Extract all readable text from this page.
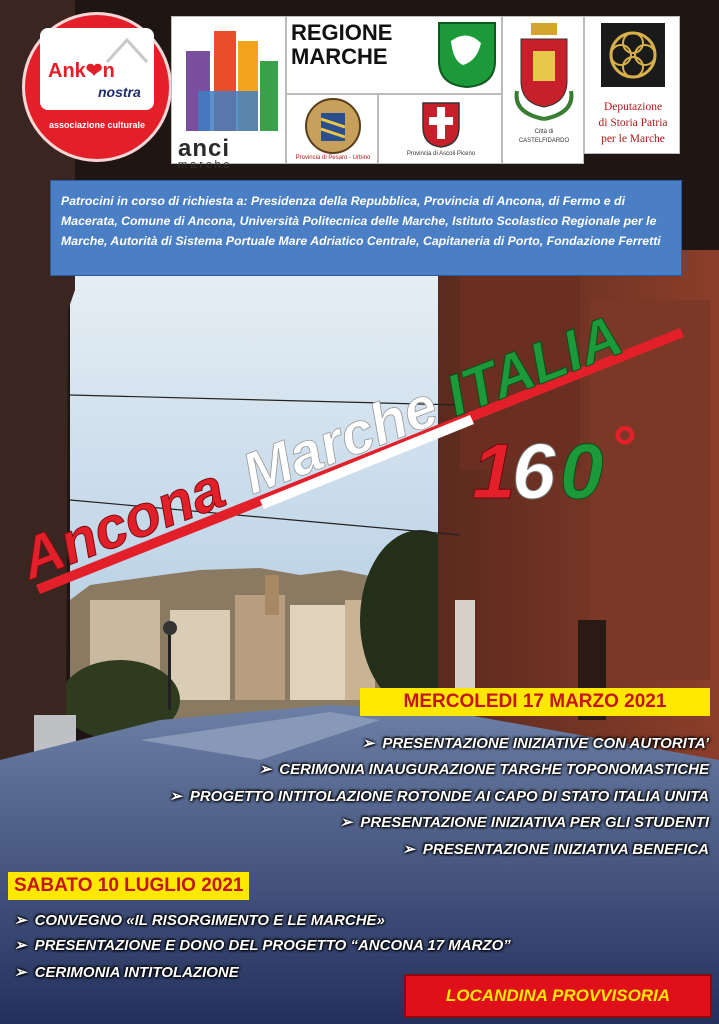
Ank❤n
nostra
associazione culturale
anci
marche
REGIONE
MARCHE
Provincia di Pesaro - Urbino
Provincia di Ascoli Piceno
Città di
CASTELFIDARDO
Deputazione
di Storia Patria
per le Marche
Patrocini in corso di richiesta a: Presidenza della Repubblica, Provincia di Ancona, di Fermo e di Macerata, Comune di Ancona, Università Politecnica delle Marche, Istituto Scolastico Regionale per le Marche, Autorità di Sistema Portuale Mare Adriatico Centrale, Capitaneria di Porto, Fondazione Ferretti
Ancona
Marche
ITALIA
1
6 0 °
MERCOLEDI 17 MARZO 2021
➢ PRESENTAZIONE INIZIATIVE CON AUTORITA’
➢ CERIMONIA INAUGURAZIONE TARGHE TOPONOMASTICHE
➢ PROGETTO INTITOLAZIONE ROTONDE AI CAPO DI STATO ITALIA UNITA
➢ PRESENTAZIONE INIZIATIVA PER GLI STUDENTI
➢ PRESENTAZIONE INIZIATIVA BENEFICA
SABATO 10 LUGLIO 2021
➢ CONVEGNO «IL RISORGIMENTO E LE MARCHE»
➢ PRESENTAZIONE E DONO DEL PROGETTO “ANCONA 17 MARZO”
➢ CERIMONIA INTITOLAZIONE
LOCANDINA PROVVISORIA
